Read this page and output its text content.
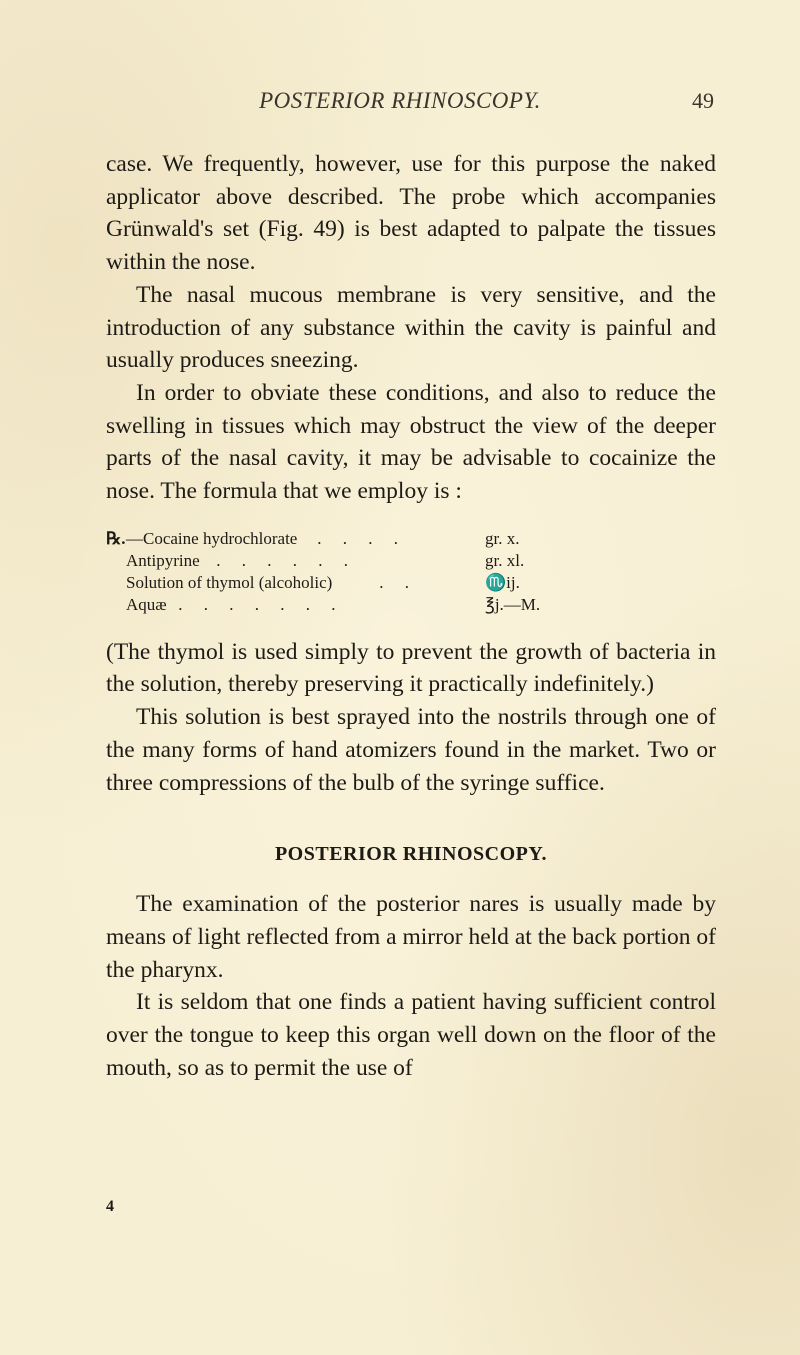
POSTERIOR RHINOSCOPY.	49

case. We frequently, however, use for this purpose the naked applicator above described. The probe which accompanies Grünwald's set (Fig. 49) is best adapted to palpate the tissues within the nose.

The nasal mucous membrane is very sensitive, and the introduction of any substance within the cavity is painful and usually produces sneezing.

In order to obviate these conditions, and also to reduce the swelling in tissues which may obstruct the view of the deeper parts of the nasal cavity, it may be advisable to cocainize the nose. The formula that we employ is :

℞. —Cocaine hydrochlorate .     .     .     .	gr. x.
Antipyrine .     .     .     .     .     .	gr. xl.
Solution of thymol (alcoholic) .     .	♏ij.
Aquæ .     .     .     .     .     .     .	℥j.—M.

(The thymol is used simply to prevent the growth of bacteria in the solution, thereby preserving it practically indefinitely.)

This solution is best sprayed into the nostrils through one of the many forms of hand atomizers found in the market. Two or three compressions of the bulb of the syringe suffice.

POSTERIOR RHINOSCOPY.

The examination of the posterior nares is usually made by means of light reflected from a mirror held at the back portion of the pharynx.

It is seldom that one finds a patient having sufficient control over the tongue to keep this organ well down on the floor of the mouth, so as to permit the use of

4
